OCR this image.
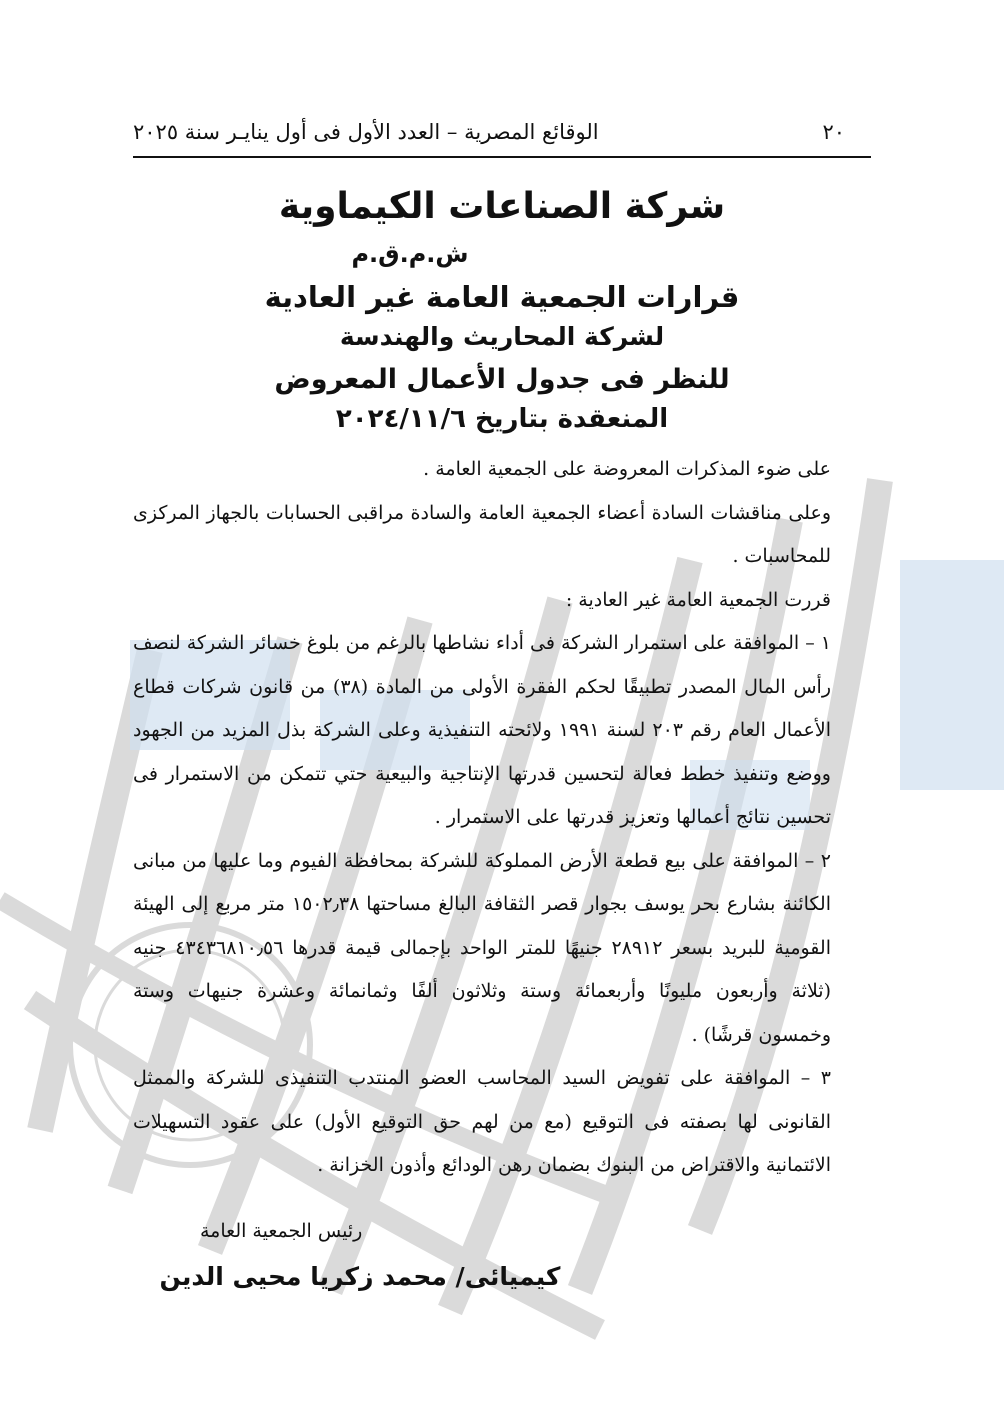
٢٠
الوقائع المصرية – العدد الأول فى أول ينايـر سنة ٢٠٢٥
شركة الصناعات الكيماوية
ش.م.ق.م
قرارات الجمعية العامة غير العادية
لشركة المحاريث والهندسة
للنظر فى جدول الأعمال المعروض
المنعقدة بتاريخ ٢٠٢٤/١١/٦

على ضوء المذكرات المعروضة على الجمعية العامة .

وعلى مناقشات السادة أعضاء الجمعية العامة والسادة مراقبى الحسابات بالجهاز المركزى للمحاسبات .

قررت الجمعية العامة غير العادية :

١ – الموافقة على استمرار الشركة فى أداء نشاطها بالرغم من بلوغ خسائر الشركة لنصف رأس المال المصدر تطبيقًا لحكم الفقرة الأولى من المادة (٣٨) من قانون شركات قطاع الأعمال العام رقم ٢٠٣ لسنة ١٩٩١ ولائحته التنفيذية وعلى الشركة بذل المزيد من الجهود ووضع وتنفيذ خطط فعالة لتحسين قدرتها الإنتاجية والبيعية حتي تتمكن من الاستمرار فى تحسين نتائج أعمالها وتعزيز قدرتها على الاستمرار .

٢ – الموافقة على بيع قطعة الأرض المملوكة للشركة بمحافظة الفيوم وما عليها من مبانى الكائنة بشارع بحر يوسف بجوار قصر الثقافة البالغ مساحتها ١٥٠٢٫٣٨ متر مربع إلى الهيئة القومية للبريد بسعر ٢٨٩١٢ جنيهًا للمتر الواحد بإجمالى قيمة قدرها ٤٣٤٣٦٨١٠٫٥٦ جنيه (ثلاثة وأربعون مليونًا وأربعمائة وستة وثلاثون ألفًا وثمانمائة وعشرة جنيهات وستة وخمسون قرشًا) .

٣ – الموافقة على تفويض السيد المحاسب العضو المنتدب التنفيذى للشركة والممثل القانونى لها بصفته فى التوقيع (مع من لهم حق التوقيع الأول) على عقود التسهيلات الائتمانية والاقتراض من البنوك بضمان رهن الودائع وأذون الخزانة .

رئيس الجمعية العامة
كيميائى/ محمد زكريا محيى الدين
